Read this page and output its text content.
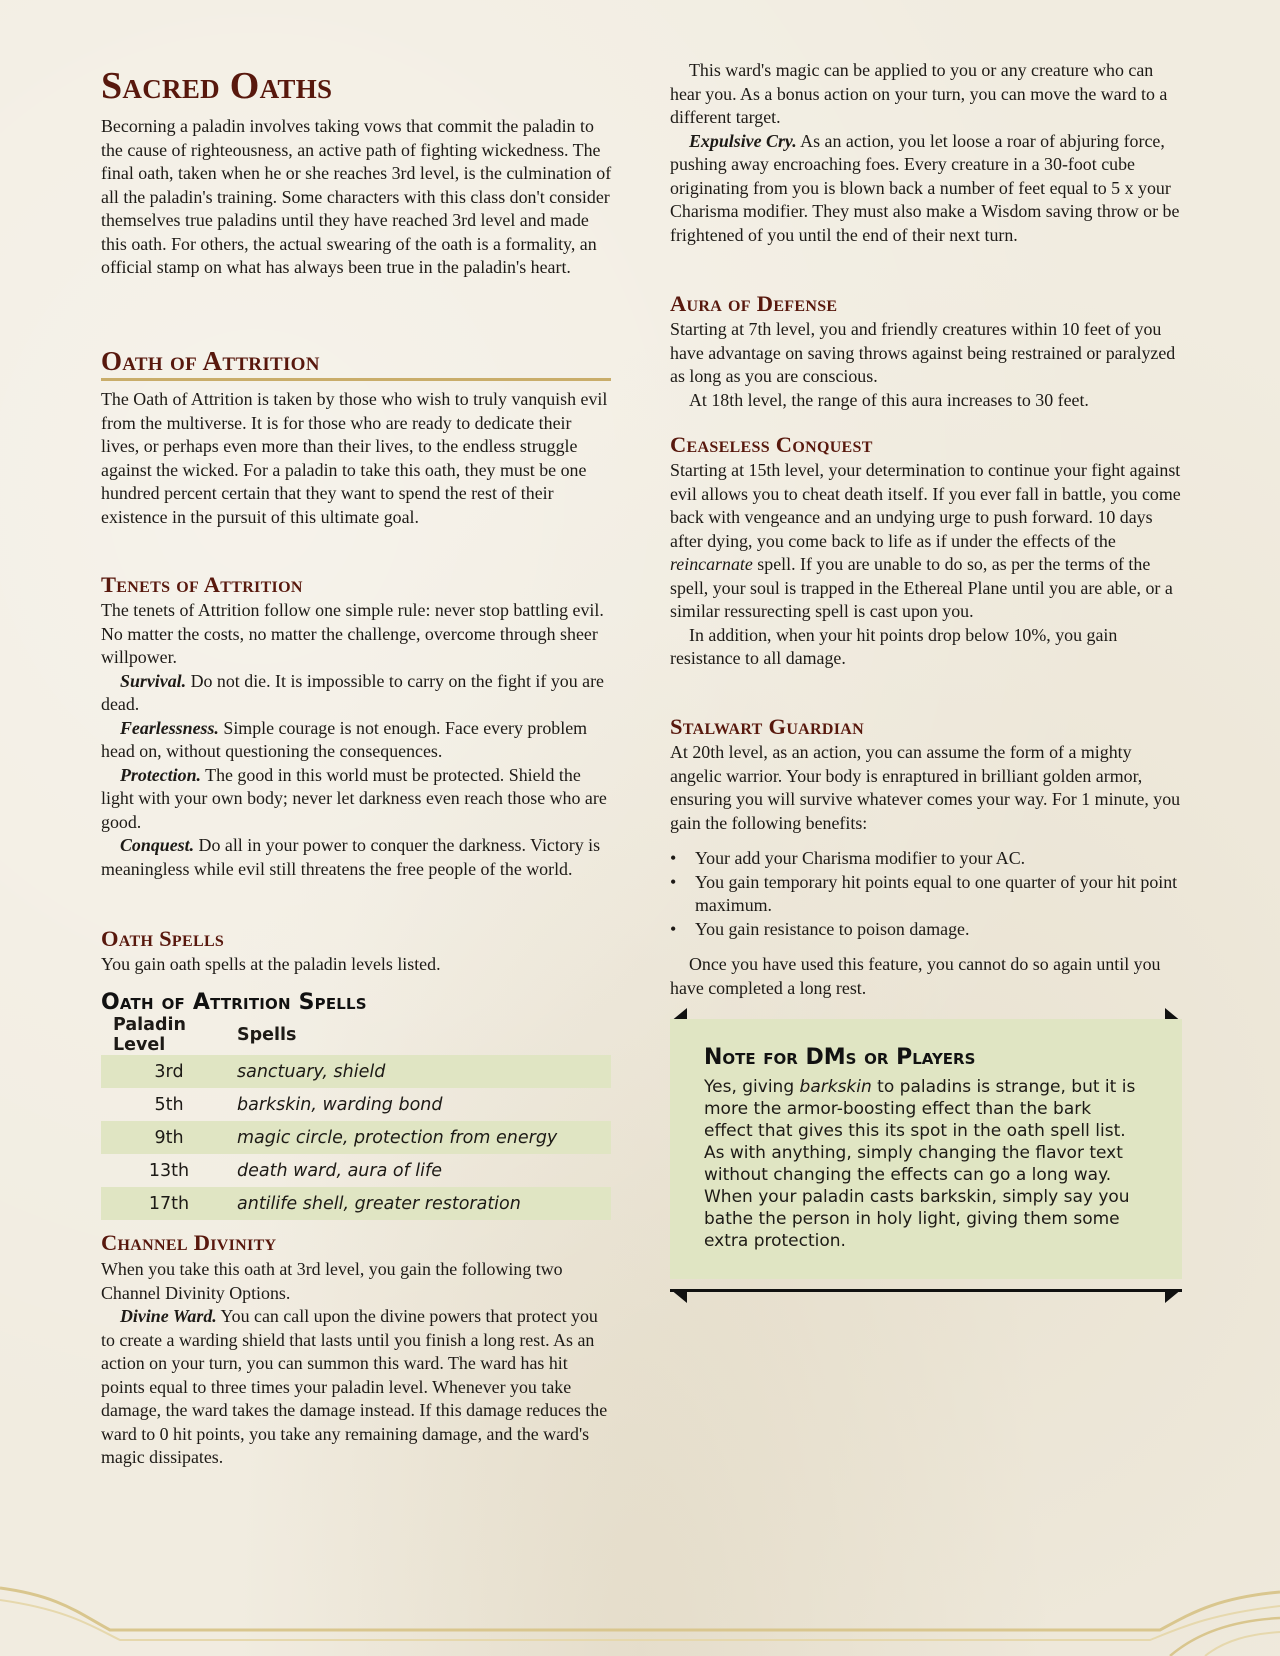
Sacred Oaths

Becorning a paladin involves taking vows that commit the paladin to the cause of righteousness, an active path of fighting wickedness. The final oath, taken when he or she reaches 3rd level, is the culmination of all the paladin's training. Some characters with this class don't consider themselves true paladins until they have reached 3rd level and made this oath. For others, the actual swearing of the oath is a formality, an official stamp on what has always been true in the paladin's heart.

Oath of Attrition

The Oath of Attrition is taken by those who wish to truly vanquish evil from the multiverse. It is for those who are ready to dedicate their lives, or perhaps even more than their lives, to the endless struggle against the wicked. For a paladin to take this oath, they must be one hundred percent certain that they want to spend the rest of their existence in the pursuit of this ultimate goal.

Tenets of Attrition

The tenets of Attrition follow one simple rule: never stop battling evil. No matter the costs, no matter the challenge, overcome through sheer willpower.

Survival. Do not die. It is impossible to carry on the fight if you are dead.

Fearlessness. Simple courage is not enough. Face every problem head on, without questioning the consequences.

Protection. The good in this world must be protected. Shield the light with your own body; never let darkness even reach those who are good.

Conquest. Do all in your power to conquer the darkness. Victory is meaningless while evil still threatens the free people of the world.

Oath Spells

You gain oath spells at the paladin levels listed.

Oath of Attrition Spells
Paladin Level	Spells
3rd	sanctuary, shield
5th	barkskin, warding bond
9th	magic circle, protection from energy
13th	death ward, aura of life
17th	antilife shell, greater restoration
Channel Divinity

When you take this oath at 3rd level, you gain the following two Channel Divinity Options.

Divine Ward. You can call upon the divine powers that protect you to create a warding shield that lasts until you finish a long rest. As an action on your turn, you can summon this ward. The ward has hit points equal to three times your paladin level. Whenever you take damage, the ward takes the damage instead. If this damage reduces the ward to 0 hit points, you take any remaining damage, and the ward's magic dissipates.

This ward's magic can be applied to you or any creature who can hear you. As a bonus action on your turn, you can move the ward to a different target.

Expulsive Cry. As an action, you let loose a roar of abjuring force, pushing away encroaching foes. Every creature in a 30-foot cube originating from you is blown back a number of feet equal to 5 x your Charisma modifier. They must also make a Wisdom saving throw or be frightened of you until the end of their next turn.

Aura of Defense

Starting at 7th level, you and friendly creatures within 10 feet of you have advantage on saving throws against being restrained or paralyzed as long as you are conscious.

At 18th level, the range of this aura increases to 30 feet.

Ceaseless Conquest

Starting at 15th level, your determination to continue your fight against evil allows you to cheat death itself. If you ever fall in battle, you come back with vengeance and an undying urge to push forward. 10 days after dying, you come back to life as if under the effects of the reincarnate spell. If you are unable to do so, as per the terms of the spell, your soul is trapped in the Ethereal Plane until you are able, or a similar ressurecting spell is cast upon you.

In addition, when your hit points drop below 10%, you gain resistance to all damage.

Stalwart Guardian

At 20th level, as an action, you can assume the form of a mighty angelic warrior. Your body is enraptured in brilliant golden armor, ensuring you will survive whatever comes your way. For 1 minute, you gain the following benefits:

• Your add your Charisma modifier to your AC.
• You gain temporary hit points equal to one quarter of your hit point maximum.
• You gain resistance to poison damage.

Once you have used this feature, you cannot do so again until you have completed a long rest.

Note for DMs or Players

Yes, giving barkskin to paladins is strange, but it is more the armor-boosting effect than the bark effect that gives this its spot in the oath spell list. As with anything, simply changing the flavor text without changing the effects can go a long way. When your paladin casts barkskin, simply say you bathe the person in holy light, giving them some extra protection.
